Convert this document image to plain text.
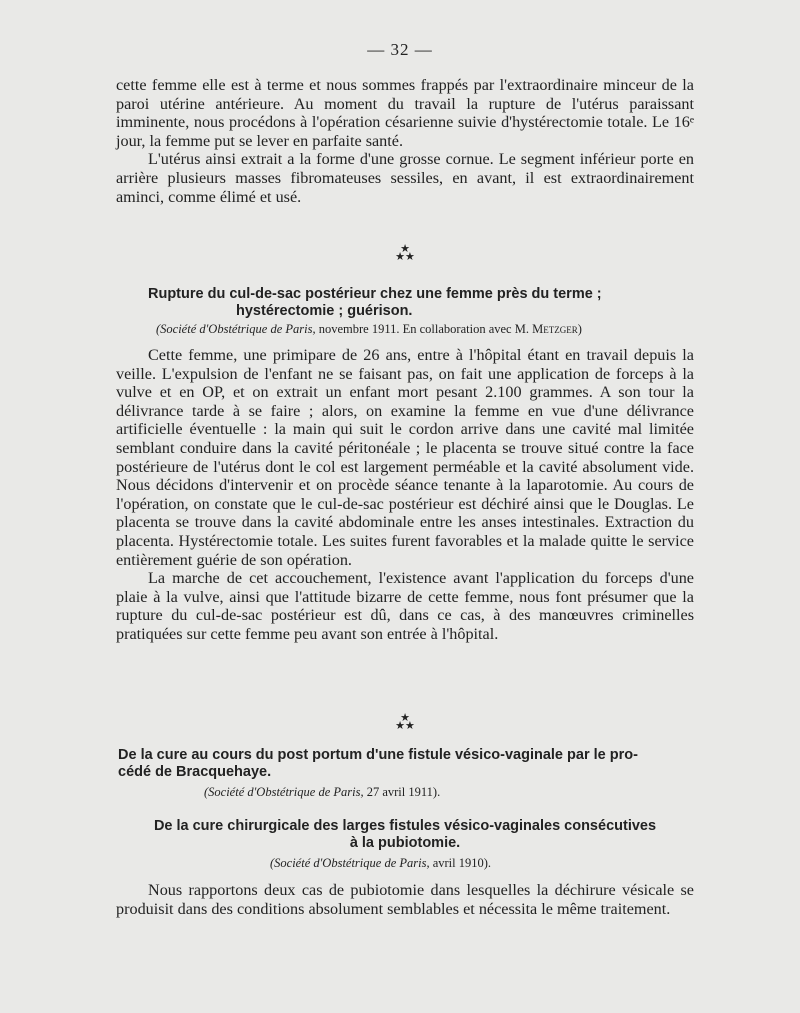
— 32 —

cette femme elle est à terme et nous sommes frappés par l'extraordinaire minceur de la paroi utérine antérieure. Au moment du travail la rupture de l'utérus paraissant imminente, nous procédons à l'opération césarienne suivie d'hystérectomie totale. Le 16ᵉ jour, la femme put se lever en parfaite santé.

L'utérus ainsi extrait a la forme d'une grosse cornue. Le segment inférieur porte en arrière plusieurs masses fibromateuses sessiles, en avant, il est extraordinairement aminci, comme élimé et usé.

★
★★
Rupture du cul-de-sac postérieur chez une femme près du terme ;
hystérectomie ; guérison.
(Société d'Obstétrique de Paris, novembre 1911. En collaboration avec M. Metzger)

Cette femme, une primipare de 26 ans, entre à l'hôpital étant en travail depuis la veille. L'expulsion de l'enfant ne se faisant pas, on fait une application de forceps à la vulve et en OP, et on extrait un enfant mort pesant 2.100 grammes. A son tour la délivrance tarde à se faire ; alors, on examine la femme en vue d'une délivrance artificielle éventuelle : la main qui suit le cordon arrive dans une cavité mal limitée semblant conduire dans la cavité péritonéale ; le placenta se trouve situé contre la face postérieure de l'utérus dont le col est largement perméable et la cavité absolument vide. Nous décidons d'intervenir et on procède séance tenante à la laparotomie. Au cours de l'opération, on constate que le cul-de-sac postérieur est déchiré ainsi que le Douglas. Le placenta se trouve dans la cavité abdominale entre les anses intestinales. Extraction du placenta. Hystérectomie totale. Les suites furent favorables et la malade quitte le service entièrement guérie de son opération.

La marche de cet accouchement, l'existence avant l'application du forceps d'une plaie à la vulve, ainsi que l'attitude bizarre de cette femme, nous font présumer que la rupture du cul-de-sac postérieur est dû, dans ce cas, à des manœuvres criminelles pratiquées sur cette femme peu avant son entrée à l'hôpital.

★
★★
De la cure au cours du post portum d'une fistule vésico-vaginale par le pro-
cédé de Bracquehaye.
(Société d'Obstétrique de Paris, 27 avril 1911).
De la cure chirurgicale des larges fistules vésico-vaginales consécutives
à la pubiotomie.
(Société d'Obstétrique de Paris, avril 1910).

Nous rapportons deux cas de pubiotomie dans lesquelles la déchirure vésicale se produisit dans des conditions absolument semblables et nécessita le même traitement.
